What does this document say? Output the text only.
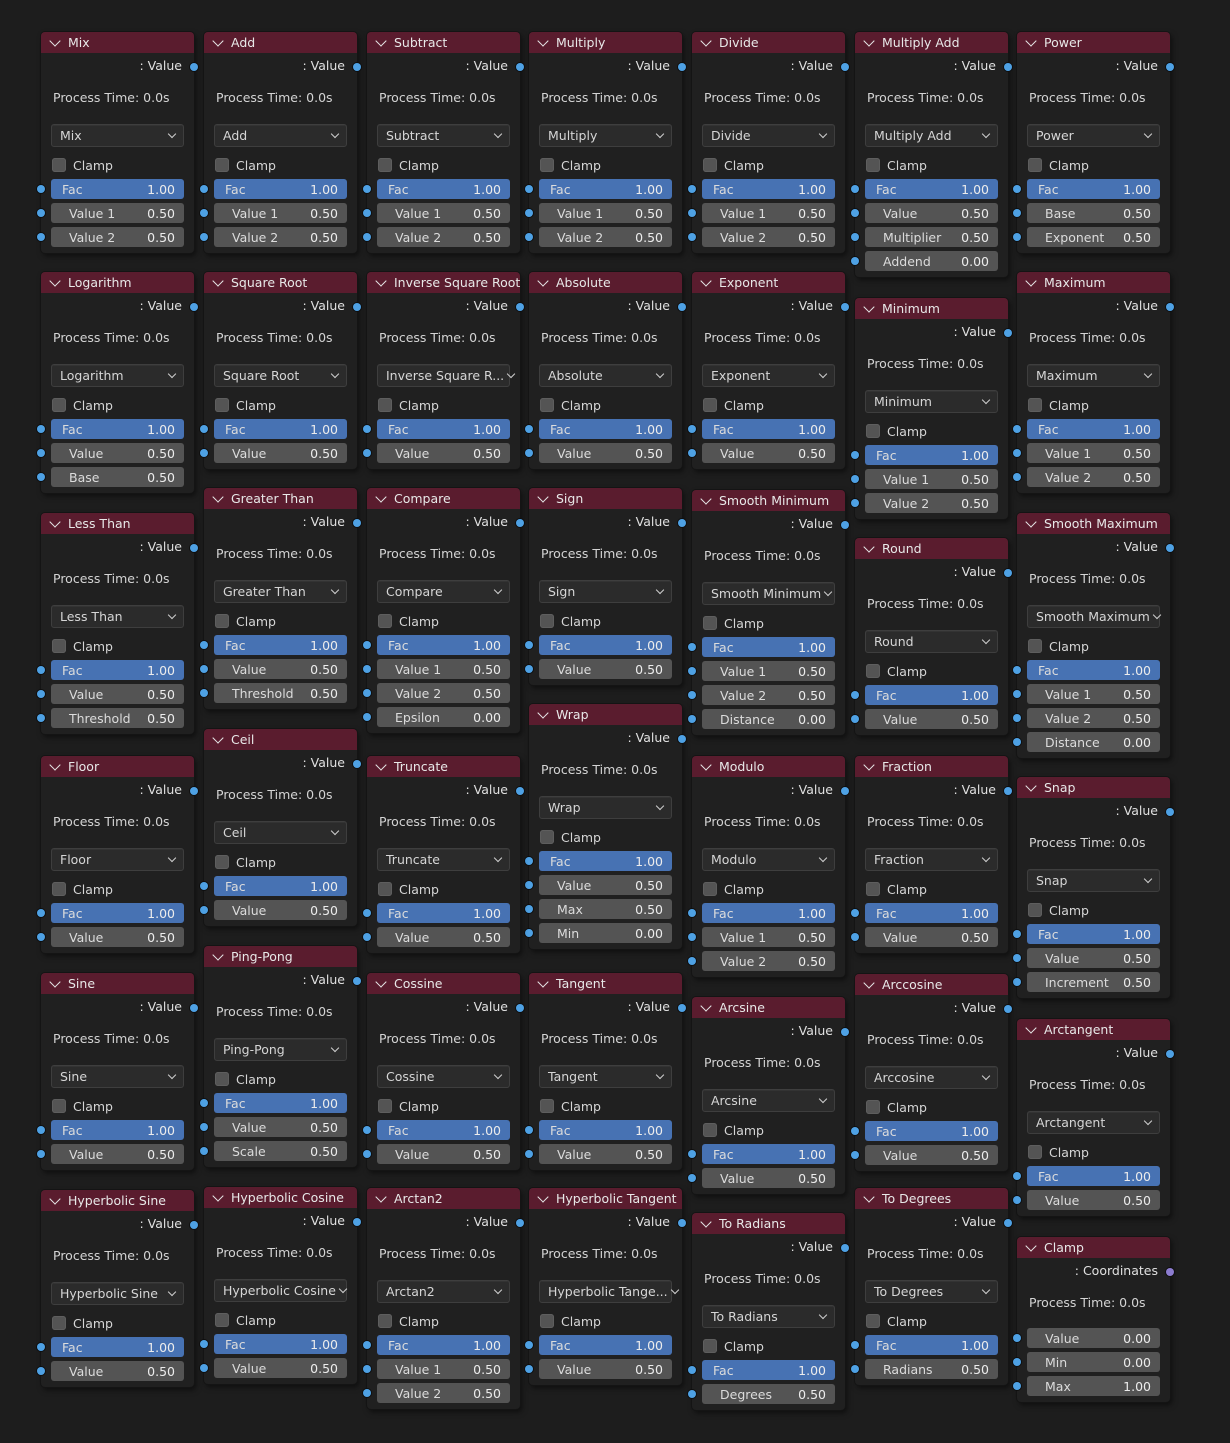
Mix
: Value
Process Time: 0.0s
Mix
Clamp
Fac	1.00
Value 1	0.50
Value 2	0.50
Add
: Value
Process Time: 0.0s
Add
Clamp
Fac	1.00
Value 1	0.50
Value 2	0.50
Subtract
: Value
Process Time: 0.0s
Subtract
Clamp
Fac	1.00
Value 1	0.50
Value 2	0.50
Multiply
: Value
Process Time: 0.0s
Multiply
Clamp
Fac	1.00
Value 1	0.50
Value 2	0.50
Divide
: Value
Process Time: 0.0s
Divide
Clamp
Fac	1.00
Value 1	0.50
Value 2	0.50
Multiply Add
: Value
Process Time: 0.0s
Multiply Add
Clamp
Fac	1.00
Value	0.50
Multiplier 0.50
Addend 0.00
Power
: Value
Process Time: 0.0s
Power
Clamp
Fac	1.00
Base	0.50
Exponent 0.50
Logarithm
: Value
Process Time: 0.0s
Logarithm
Clamp
Fac	1.00
Value	0.50
Base	0.50
Square Root
: Value
Process Time: 0.0s
Square Root
Clamp
Fac	1.00
Value	0.50
Inverse Square Root
: Value
Process Time: 0.0s
Inverse Square R...
Clamp
Fac	1.00
Value	0.50
Absolute
: Value
Process Time: 0.0s
Absolute
Clamp
Fac	1.00
Value	0.50
Exponent
: Value
Process Time: 0.0s
Exponent
Clamp
Fac	1.00
Value	0.50
Minimum
: Value
Process Time: 0.0s
Minimum
Clamp
Fac	1.00
Value 1	0.50
Value 2	0.50
Maximum
: Value
Process Time: 0.0s
Maximum
Clamp
Fac	1.00
Value 1	0.50
Value 2	0.50
Less Than
: Value
Process Time: 0.0s
Less Than
Clamp
Fac	1.00
Value	0.50
Threshold 0.50
Greater Than
: Value
Process Time: 0.0s
Greater Than
Clamp
Fac	1.00
Value	0.50
Threshold 0.50
Compare
: Value
Process Time: 0.0s
Compare
Clamp
Fac	1.00
Value 1	0.50
Value 2	0.50
Epsilon	0.00
Sign
: Value
Process Time: 0.0s
Sign
Clamp
Fac	1.00
Value	0.50
Smooth Minimum
: Value
Process Time: 0.0s
Smooth Minimum
Clamp
Fac	1.00
Value 1	0.50
Value 2	0.50
Distance 0.00
Round
: Value
Process Time: 0.0s
Round
Clamp
Fac	1.00
Value	0.50
Smooth Maximum
: Value
Process Time: 0.0s
Smooth Maximum
Clamp
Fac	1.00
Value 1	0.50
Value 2	0.50
Distance 0.00
Ceil
: Value
Process Time: 0.0s
Ceil
Clamp
Fac	1.00
Value	0.50
Wrap
: Value
Process Time: 0.0s
Wrap
Clamp
Fac	1.00
Value	0.50
Max	0.50
Min	0.00
Floor
: Value
Process Time: 0.0s
Floor
Clamp
Fac	1.00
Value	0.50
Truncate
: Value
Process Time: 0.0s
Truncate
Clamp
Fac	1.00
Value	0.50
Modulo
: Value
Process Time: 0.0s
Modulo
Clamp
Fac	1.00
Value 1	0.50
Value 2	0.50
Fraction
: Value
Process Time: 0.0s
Fraction
Clamp
Fac	1.00
Value	0.50
Snap
: Value
Process Time: 0.0s
Snap
Clamp
Fac	1.00
Value	0.50
Increment 0.50
Ping-Pong
: Value
Process Time: 0.0s
Ping-Pong
Clamp
Fac	1.00
Value	0.50
Scale	0.50
Sine
: Value
Process Time: 0.0s
Sine
Clamp
Fac	1.00
Value	0.50
Cossine
: Value
Process Time: 0.0s
Cossine
Clamp
Fac	1.00
Value	0.50
Tangent
: Value
Process Time: 0.0s
Tangent
Clamp
Fac	1.00
Value	0.50
Arcsine
: Value
Process Time: 0.0s
Arcsine
Clamp
Fac	1.00
Value	0.50
Arccosine
: Value
Process Time: 0.0s
Arccosine
Clamp
Fac	1.00
Value	0.50
Arctangent
: Value
Process Time: 0.0s
Arctangent
Clamp
Fac	1.00
Value	0.50
Hyperbolic Sine
: Value
Process Time: 0.0s
Hyperbolic Sine
Clamp
Fac	1.00
Value	0.50
Hyperbolic Cosine
: Value
Process Time: 0.0s
Hyperbolic Cosine
Clamp
Fac	1.00
Value	0.50
Arctan2
: Value
Process Time: 0.0s
Arctan2
Clamp
Fac	1.00
Value 1	0.50
Value 2	0.50
Hyperbolic Tangent
: Value
Process Time: 0.0s
Hyperbolic Tange...
Clamp
Fac	1.00
Value	0.50
To Radians
: Value
Process Time: 0.0s
To Radians
Clamp
Fac	1.00
Degrees 0.50
To Degrees
: Value
Process Time: 0.0s
To Degrees
Clamp
Fac	1.00
Radians 0.50
Clamp
: Coordinates
Process Time: 0.0s
Value	0.00
Min	0.00
Max	1.00
